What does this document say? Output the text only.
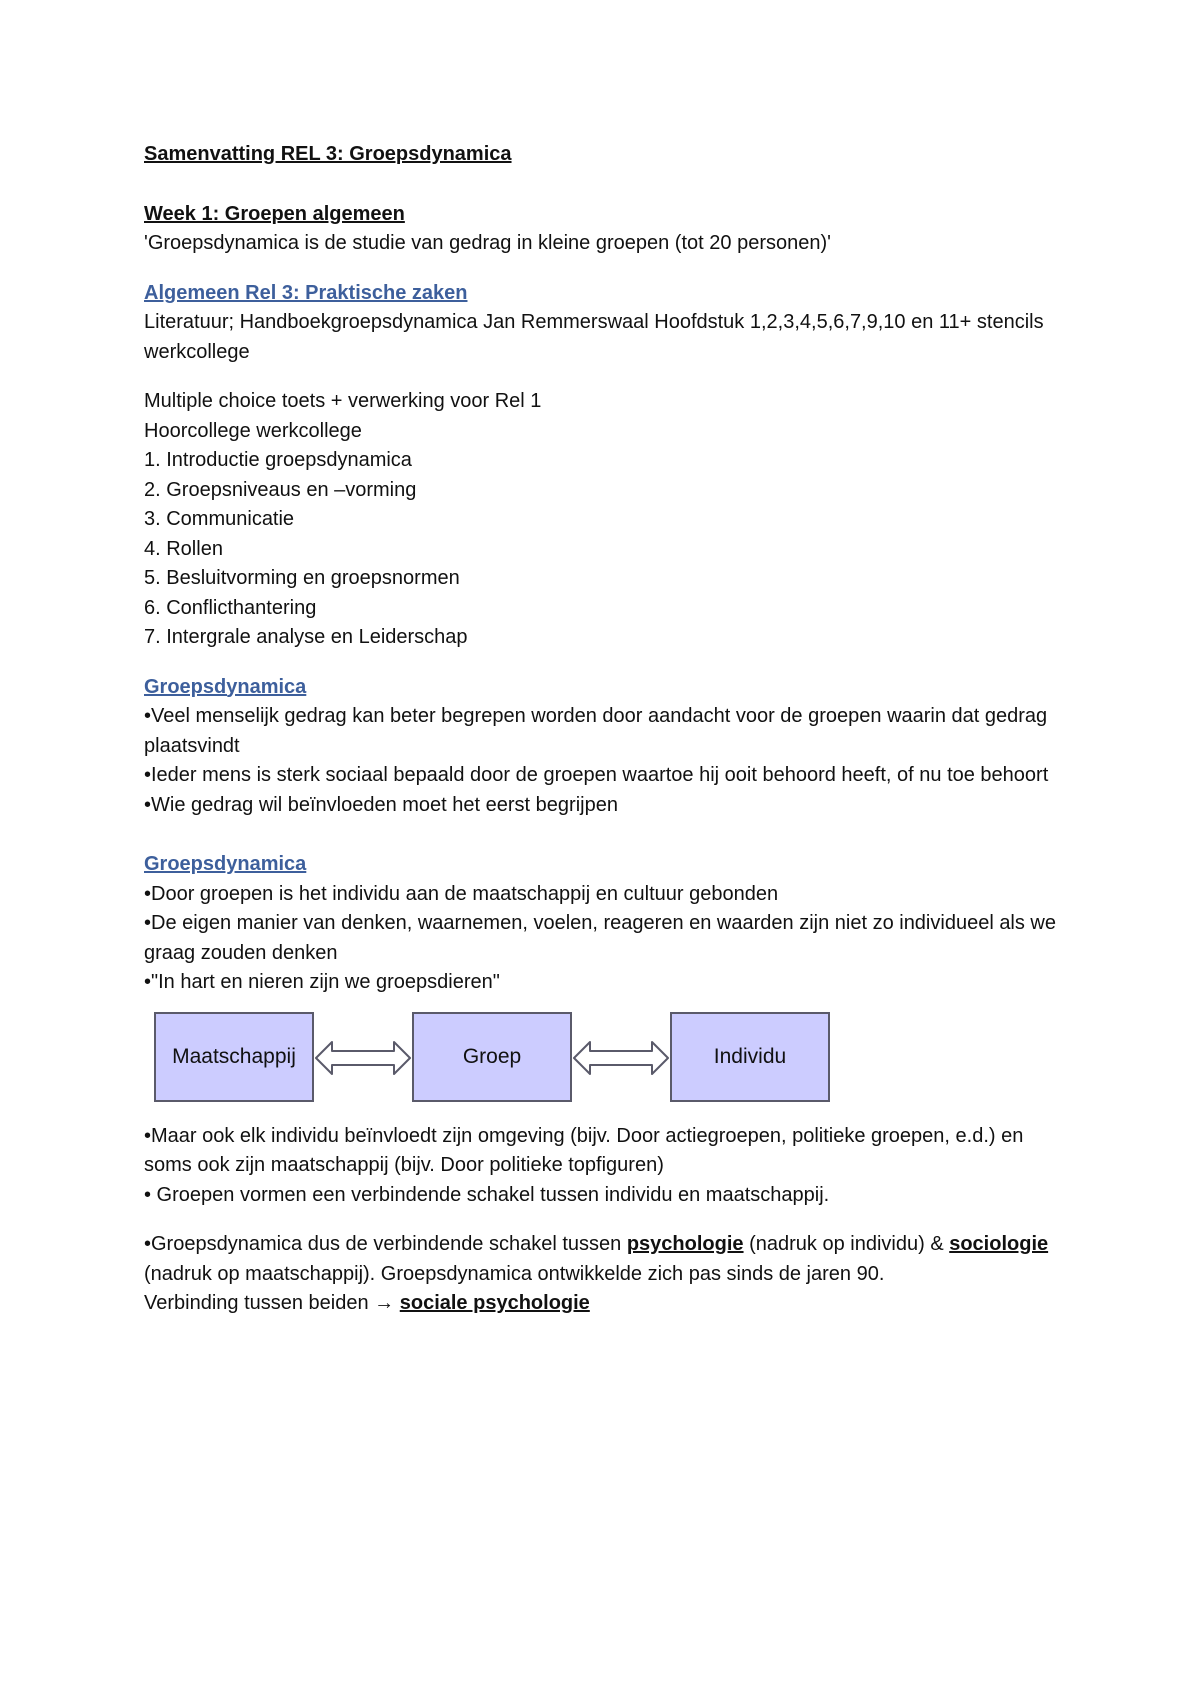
Samenvatting REL 3: Groepsdynamica

Week 1: Groepen algemeen

'Groepsdynamica is de studie van gedrag in kleine groepen (tot 20 personen)'

Algemeen Rel 3: Praktische zaken

Literatuur; Handboekgroepsdynamica Jan Remmerswaal Hoofdstuk 1,2,3,4,5,6,7,9,10 en 11+ stencils werkcollege

Multiple choice toets + verwerking voor Rel 1

Hoorcollege werkcollege

1. Introductie groepsdynamica
2. Groepsniveaus en –vorming
3. Communicatie
4. Rollen
5. Besluitvorming en groepsnormen
6. Conflicthantering
7. Intergrale analyse en Leiderschap

Groepsdynamica

•Veel menselijk gedrag kan beter begrepen worden door aandacht voor de groepen waarin dat gedrag plaatsvindt

•Ieder mens is sterk sociaal bepaald door de groepen waartoe hij ooit behoord heeft, of nu toe behoort

•Wie gedrag wil beïnvloeden moet het eerst begrijpen

Groepsdynamica

•Door groepen is het individu aan de maatschappij en cultuur gebonden

•De eigen manier van denken, waarnemen, voelen, reageren en waarden zijn niet zo individueel als we graag zouden denken

•"In hart en nieren zijn we groepsdieren"

Maatschappij	Groep	Individu

•Maar ook elk individu beïnvloedt zijn omgeving (bijv. Door actiegroepen, politieke groepen, e.d.) en soms ook zijn maatschappij (bijv. Door politieke topfiguren)

• Groepen vormen een verbindende schakel tussen individu en maatschappij.

•Groepsdynamica dus de verbindende schakel tussen psychologie (nadruk op individu) & sociologie (nadruk op maatschappij). Groepsdynamica ontwikkelde zich pas sinds de jaren 90.

Verbinding tussen beiden → sociale psychologie
